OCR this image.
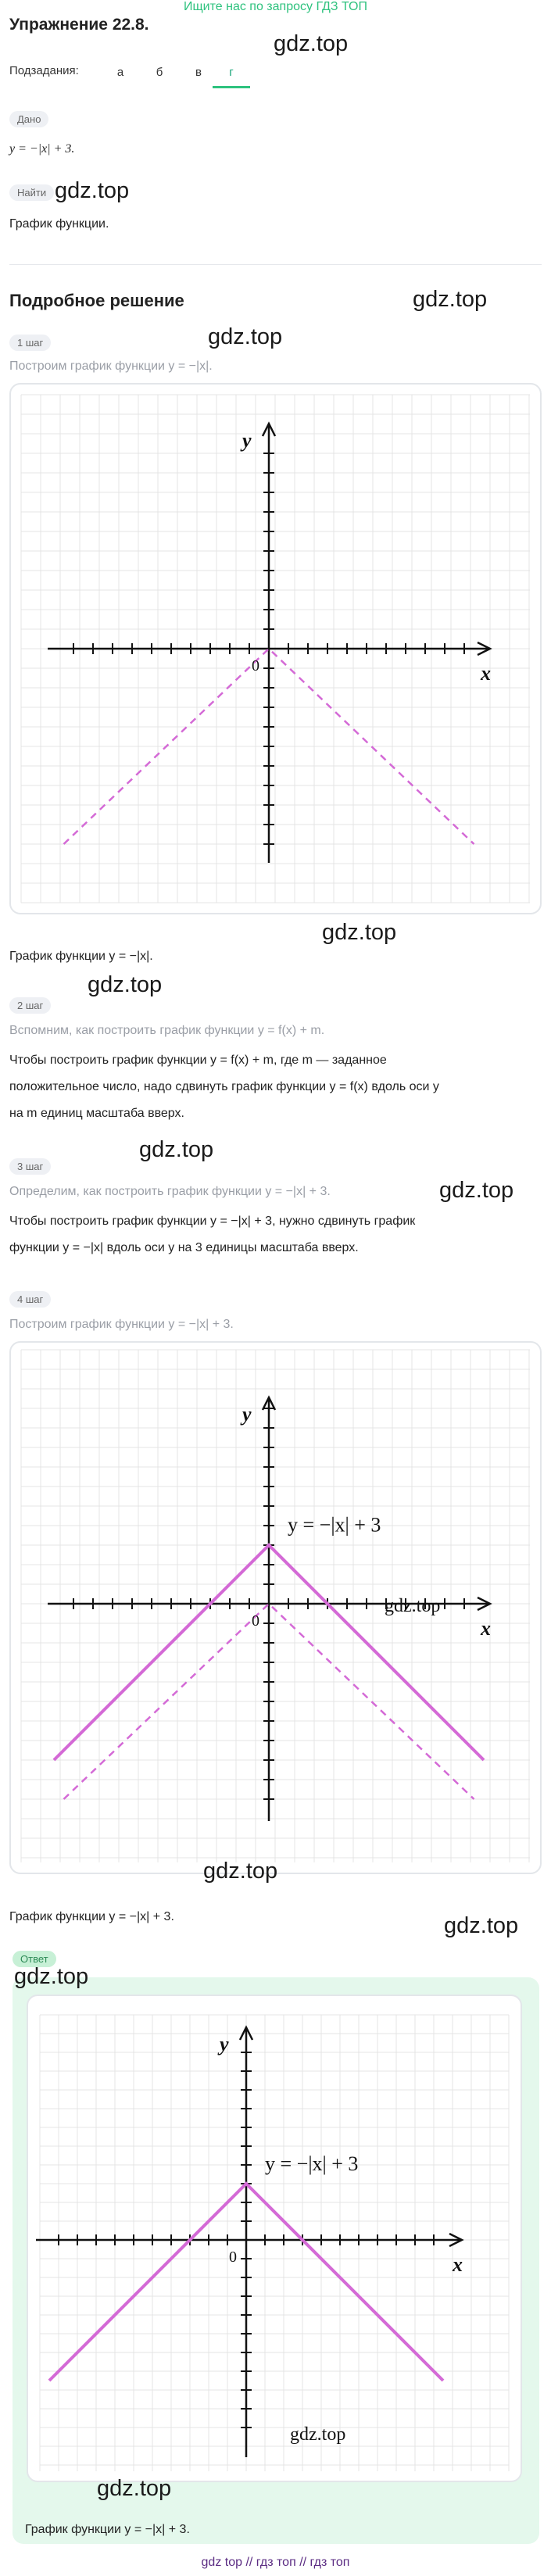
Ищите нас по запросу ГДЗ ТОП
Упражнение 22.8.
gdz.top
Подзадания:	а	б	в	г
Дано
y = −|x| + 3.
Найти gdz.top
График функции.
Подробное решение	gdz.top
1 шаг	gdz.top
Построим график функции y = −|x|.
x
y
0
gdz.top
График функции y = −|x|.
gdz.top
2 шаг
Вспомним, как построить график функции y = f(x) + m.
Чтобы построить график функции y = f(x) + m, где m — заданное
положительное число, надо сдвинуть график функции y = f(x) вдоль оси y
на m единиц масштаба вверх.
gdz.top
3 шаг
gdz.top
Определим, как построить график функции y = −|x| + 3.
Чтобы построить график функции y = −|x| + 3, нужно сдвинуть график
функции y = −|x| вдоль оси y на 3 единицы масштаба вверх.
4 шаг
Построим график функции y = −|x| + 3.
x
y
0
y = −|x| + 3
gdz.top
gdz.top
График функции y = −|x| + 3.	gdz.top
Ответ
gdz.top
x
y
0
y = −|x| + 3
gdz.top
gdz.top
График функции y = −|x| + 3.
gdz top // гдз топ // гдз топ
